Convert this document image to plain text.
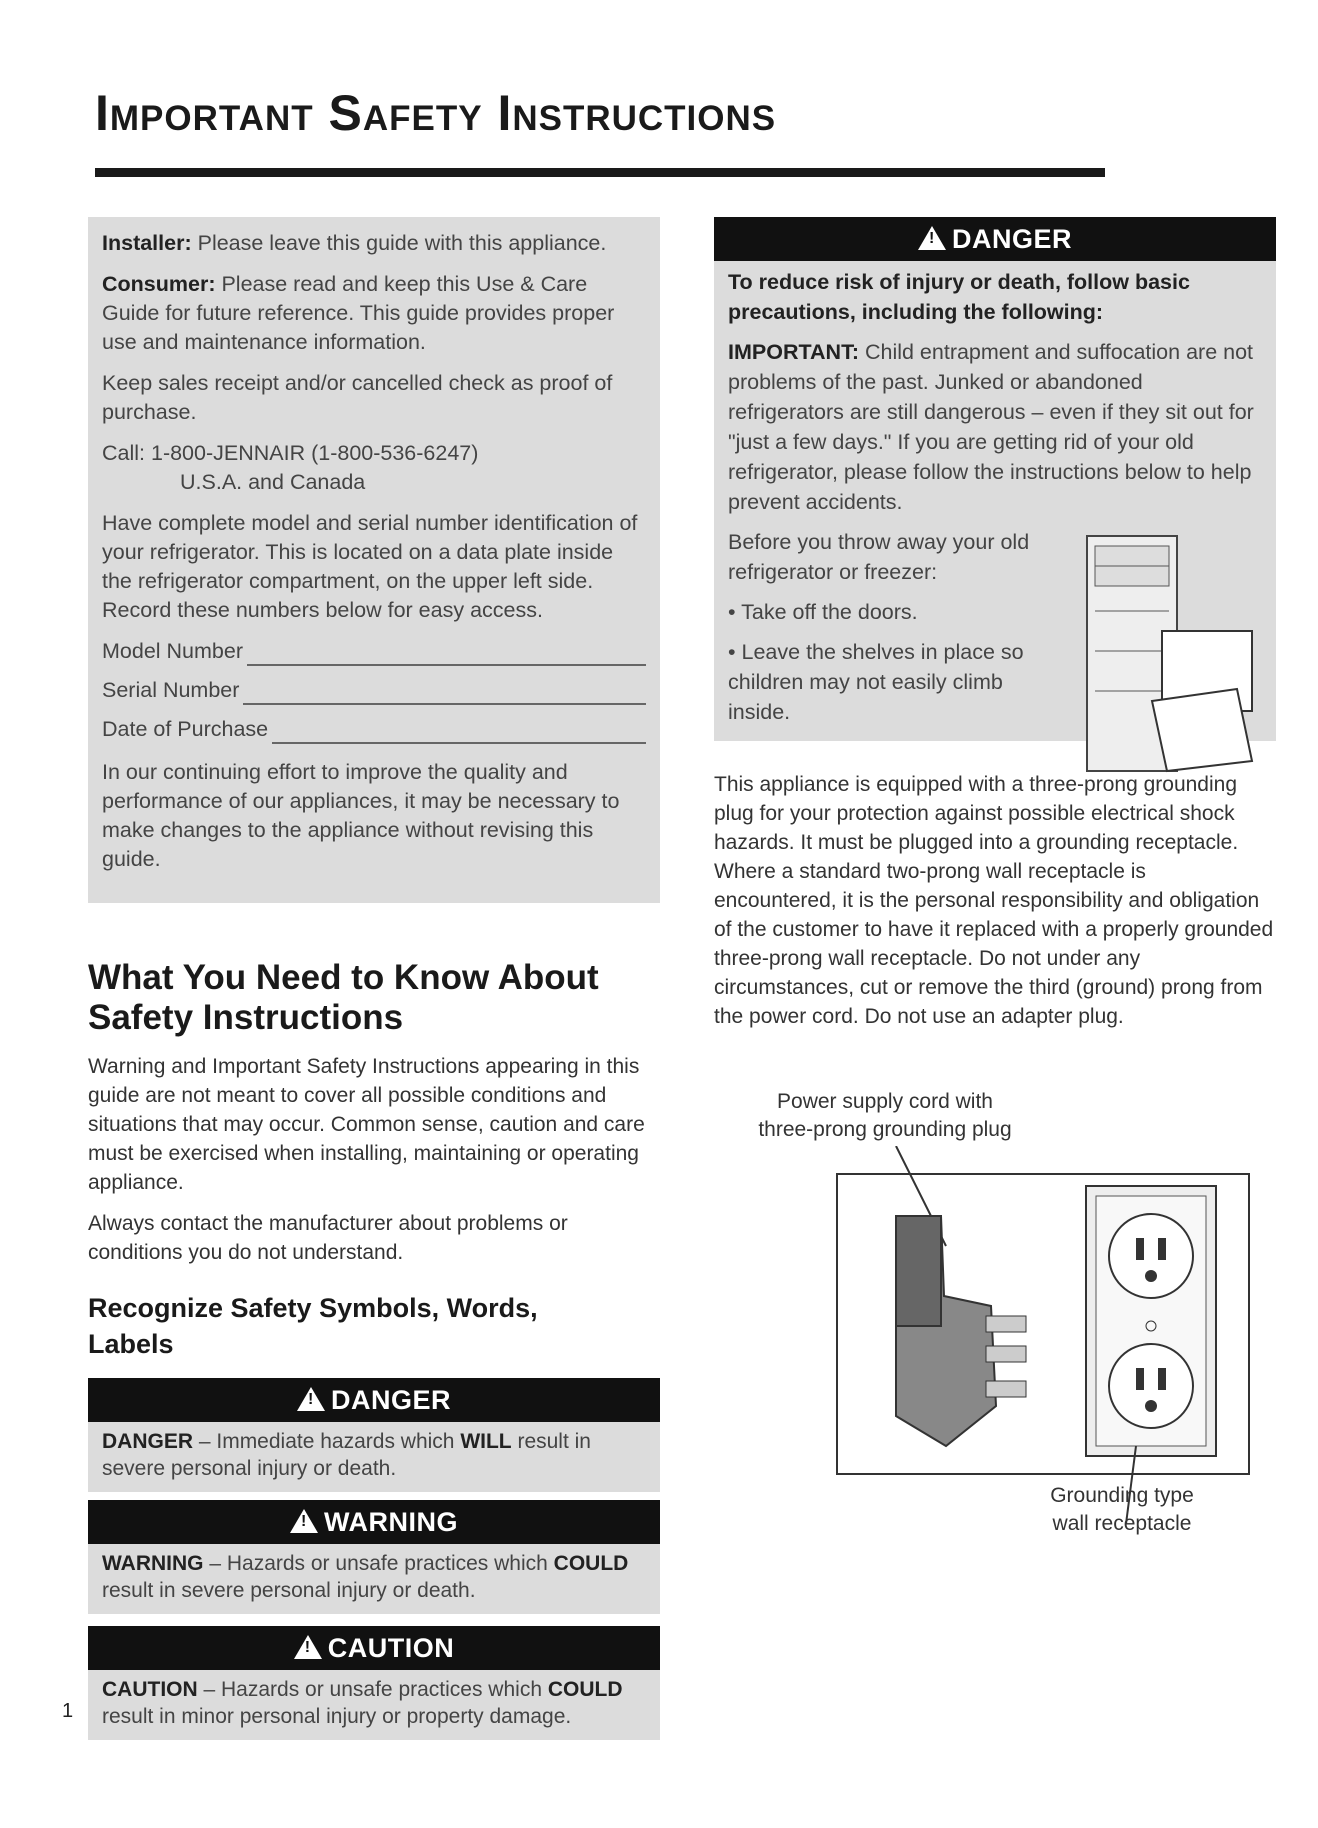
Important Safety Instructions

Installer: Please leave this guide with this appliance.

Consumer: Please read and keep this Use & Care Guide for future reference. This guide provides proper use and maintenance information.

Keep sales receipt and/or cancelled check as proof of purchase.

Call: 1-800-JENNAIR (1-800-536-6247)
U.S.A. and Canada

Have complete model and serial number identification of your refrigerator. This is located on a data plate inside the refrigerator compartment, on the upper left side. Record these numbers below for easy access.

Model Number
Serial Number
Date of Purchase

In our continuing effort to improve the quality and performance of our appliances, it may be necessary to make changes to the appliance without revising this guide.

What You Need to Know About Safety Instructions

Warning and Important Safety Instructions appearing in this guide are not meant to cover all possible conditions and situations that may occur. Common sense, caution and care must be exercised when installing, maintaining or operating appliance.

Always contact the manufacturer about problems or conditions you do not understand.

Recognize Safety Symbols, Words, Labels
!DANGER
DANGER – Immediate hazards which WILL result in severe personal injury or death.
!WARNING
WARNING – Hazards or unsafe practices which COULD result in severe personal injury or death.
!CAUTION
CAUTION – Hazards or unsafe practices which COULD result in minor personal injury or property damage.
!DANGER

To reduce risk of injury or death, follow basic precautions, including the following:

IMPORTANT: Child entrapment and suffocation are not problems of the past. Junked or abandoned refrigerators are still dangerous – even if they sit out for "just a few days." If you are getting rid of your old refrigerator, please follow the instructions below to help prevent accidents.

Before you throw away your old refrigerator or freezer:

• Take off the doors.

• Leave the shelves in place so children may not easily climb inside.

This appliance is equipped with a three-prong grounding plug for your protection against possible electrical shock hazards. It must be plugged into a grounding receptacle. Where a standard two-prong wall receptacle is encountered, it is the personal responsibility and obligation of the customer to have it replaced with a properly grounded three-prong wall receptacle. Do not under any circumstances, cut or remove the third (ground) prong from the power cord. Do not use an adapter plug.

Power supply cord with
three-prong grounding plug
Grounding type
wall receptacle
1
